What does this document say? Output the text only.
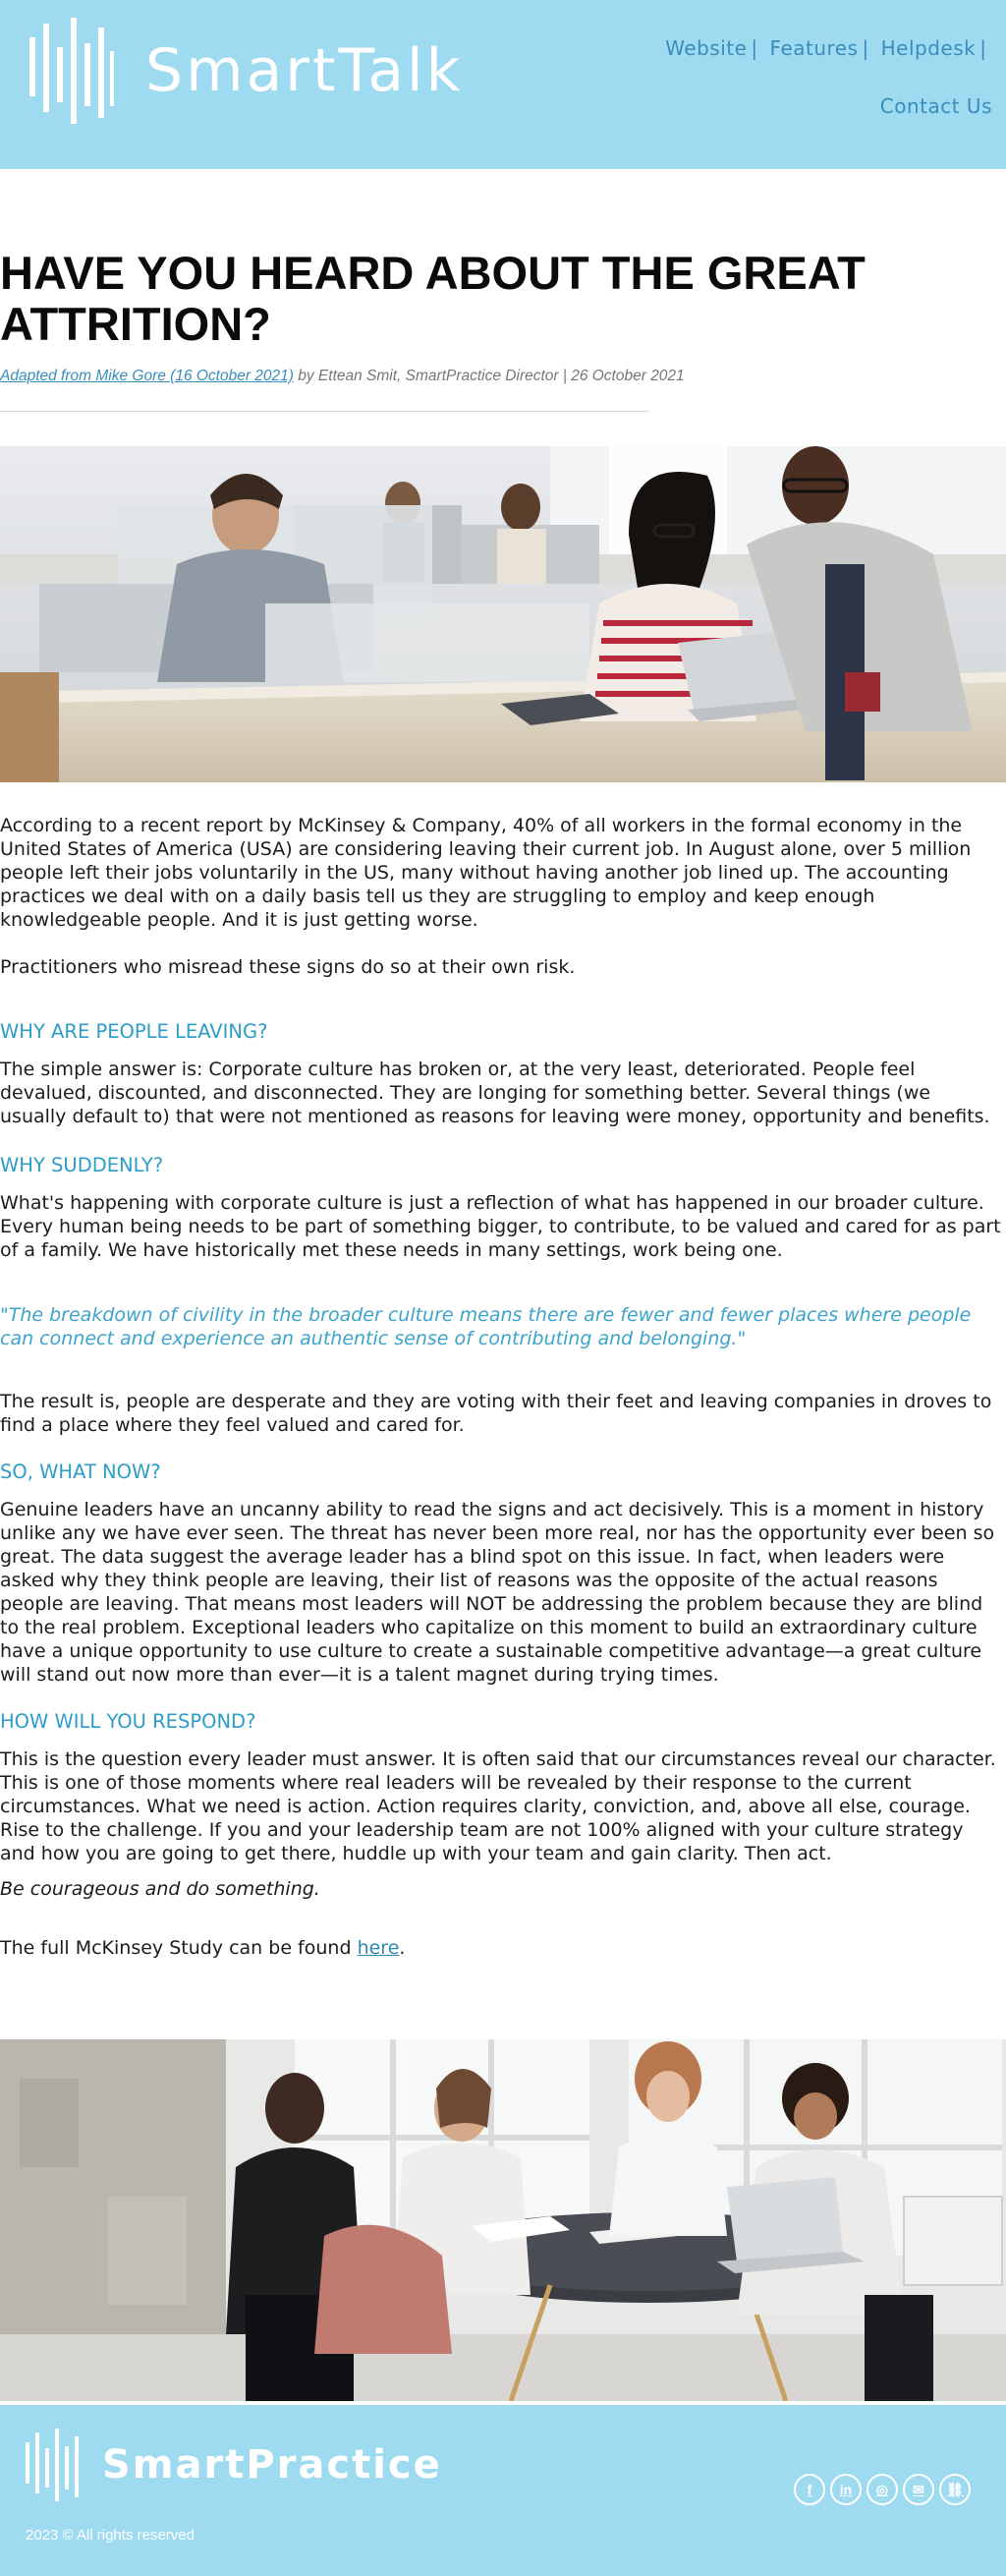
SmartTalk	Website | Features | Helpdesk |
Contact Us
HAVE YOU HEARD ABOUT THE GREAT ATTRITION?
Adapted from Mike Gore (16 October 2021) by Ettean Smit, SmartPractice Director | 26 October 2021

According to a recent report by McKinsey & Company, 40% of all workers in the formal economy in the United States of America (USA) are considering leaving their current job. In August alone, over 5 million people left their jobs voluntarily in the US, many without having another job lined up. The accounting practices we deal with on a daily basis tell us they are struggling to employ and keep enough knowledgeable people. And it is just getting worse.

Practitioners who misread these signs do so at their own risk.

WHY ARE PEOPLE LEAVING?

The simple answer is: Corporate culture has broken or, at the very least, deteriorated. People feel devalued, discounted, and disconnected. They are longing for something better. Several things (we usually default to) that were not mentioned as reasons for leaving were money, opportunity and benefits.

WHY SUDDENLY?

What's happening with corporate culture is just a reflection of what has happened in our broader culture. Every human being needs to be part of something bigger, to contribute, to be valued and cared for as part of a family. We have historically met these needs in many settings, work being one.

"The breakdown of civility in the broader culture means there are fewer and fewer places where people can connect and experience an authentic sense of contributing and belonging."

The result is, people are desperate and they are voting with their feet and leaving companies in droves to find a place where they feel valued and cared for.

SO, WHAT NOW?

Genuine leaders have an uncanny ability to read the signs and act decisively. This is a moment in history unlike any we have ever seen. The threat has never been more real, nor has the opportunity ever been so great. The data suggest the average leader has a blind spot on this issue. In fact, when leaders were asked why they think people are leaving, their list of reasons was the opposite of the actual reasons people are leaving. That means most leaders will NOT be addressing the problem because they are blind to the real problem. Exceptional leaders who capitalize on this moment to build an extraordinary culture have a unique opportunity to use culture to create a sustainable competitive advantage—a great culture will stand out now more than ever—it is a talent magnet during trying times.

HOW WILL YOU RESPOND?

This is the question every leader must answer. It is often said that our circumstances reveal our character. This is one of those moments where real leaders will be revealed by their response to the current circumstances. What we need is action. Action requires clarity, conviction, and, above all else, courage. Rise to the challenge. If you and your leadership team are not 100% aligned with your culture strategy and how you are going to get there, huddle up with your team and gain clarity. Then act.

Be courageous and do something.

The full McKinsey Study can be found here.

SmartPractice
f	in	◎	✉	⛓
2023 © All rights reserved
